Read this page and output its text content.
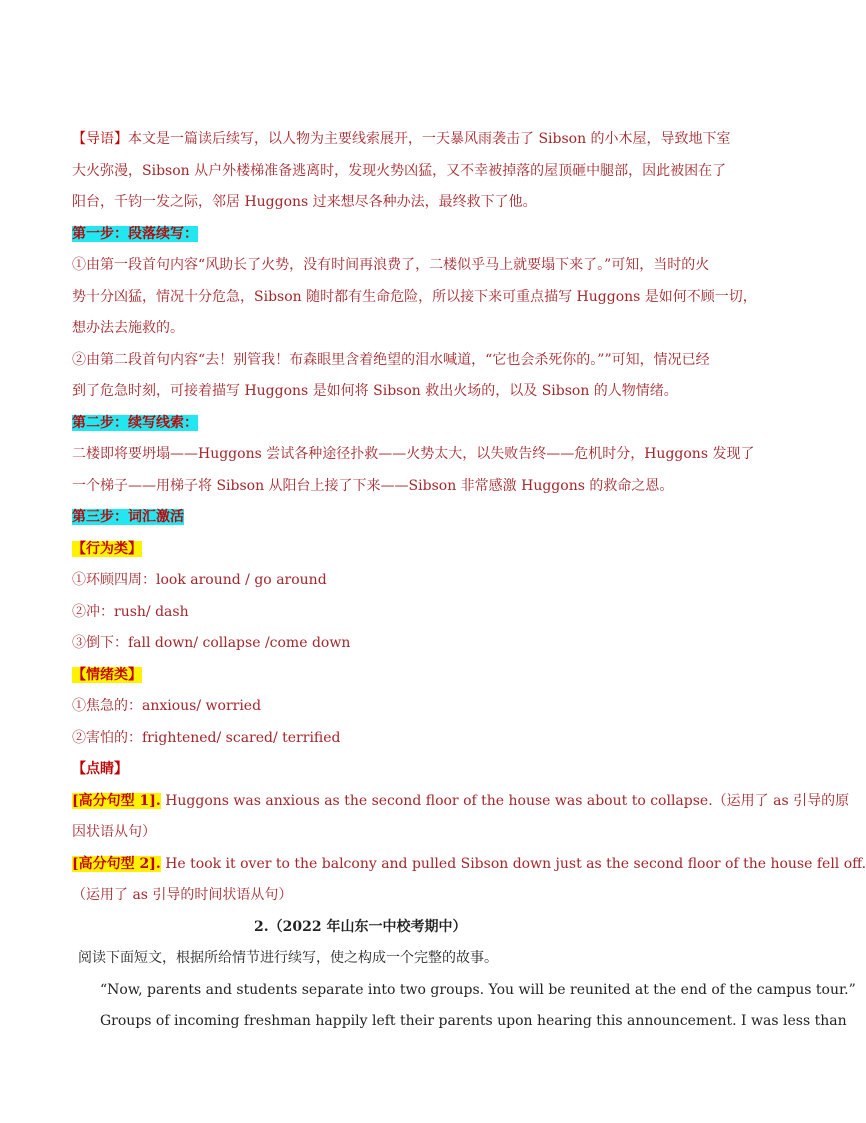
【导语】本文是一篇读后续写，以人物为主要线索展开，一天暴风雨袭击了 Sibson 的小木屋，导致地下室
大火弥漫，Sibson 从户外楼梯准备逃离时，发现火势凶猛，又不幸被掉落的屋顶砸中腿部，因此被困在了
阳台，千钧一发之际，邻居 Huggons 过来想尽各种办法，最终救下了他。
第一步：段落续写：
①由第一段首句内容“风助长了火势，没有时间再浪费了，二楼似乎马上就要塌下来了。”可知，当时的火
势十分凶猛，情况十分危急，Sibson 随时都有生命危险，所以接下来可重点描写 Huggons 是如何不顾一切，
想办法去施救的。
②由第二段首句内容“去！别管我！布森眼里含着绝望的泪水喊道，“它也会杀死你的。””可知，情况已经
到了危急时刻，可接着描写 Huggons 是如何将 Sibson 救出火场的，以及 Sibson 的人物情绪。
第二步：续写线索：
二楼即将要坍塌——Huggons 尝试各种途径扑救——火势太大，以失败告终——危机时分，Huggons 发现了
一个梯子——用梯子将 Sibson 从阳台上接了下来——Sibson 非常感激 Huggons 的救命之恩。
第三步：词汇激活
【行为类】
①环顾四周：look around / go around
②冲：rush/ dash
③倒下：fall down/ collapse /come down
【情绪类】
①焦急的：anxious/ worried
②害怕的：frightened/ scared/ terrified
【点睛】
[高分句型 1]. Huggons was anxious as the second floor of the house was about to collapse.（运用了 as 引导的原
因状语从句）
[高分句型 2]. He took it over to the balcony and pulled Sibson down just as the second floor of the house fell off.
（运用了 as 引导的时间状语从句）
2.（2022 年山东一中校考期中）
阅读下面短文，根据所给情节进行续写，使之构成一个完整的故事。
“Now, parents and students separate into two groups. You will be reunited at the end of the campus tour.”
Groups of incoming freshman happily left their parents upon hearing this announcement. I was less than
